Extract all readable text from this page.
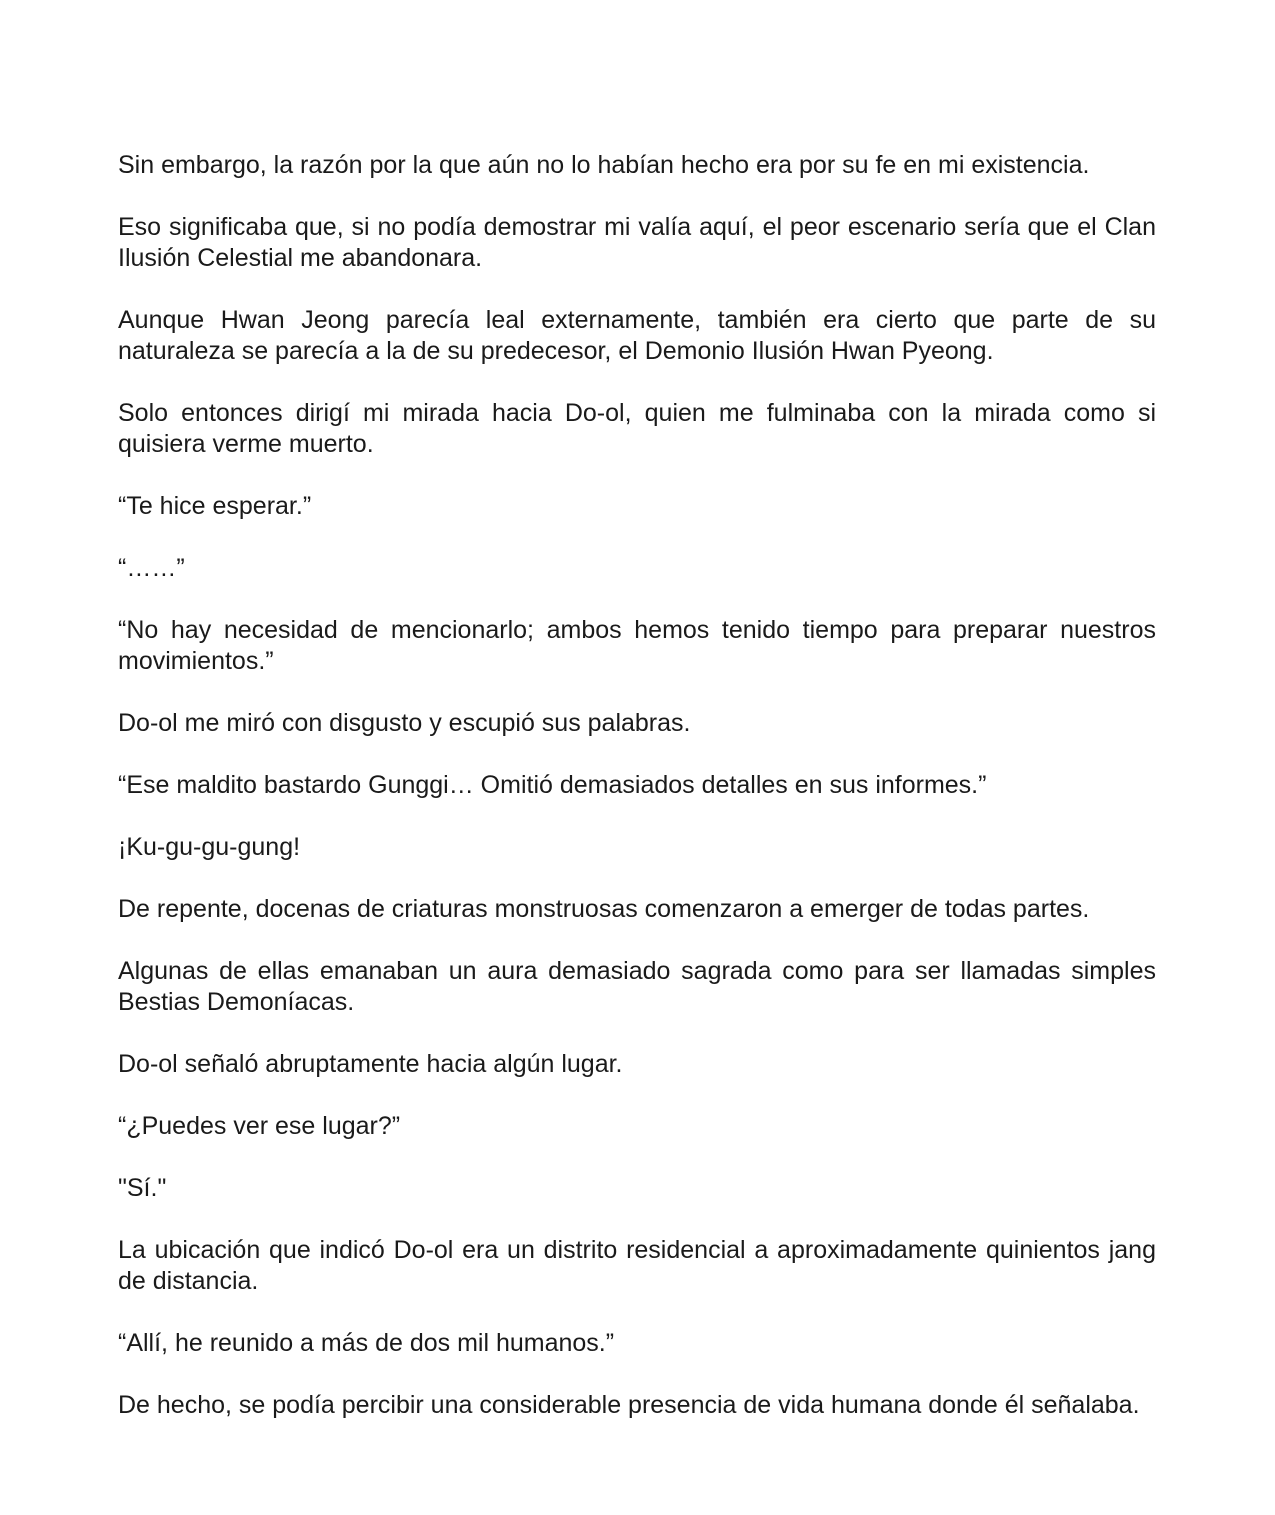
Sin embargo, la razón por la que aún no lo habían hecho era por su fe en mi existencia.

Eso significaba que, si no podía demostrar mi valía aquí, el peor escenario sería que el Clan Ilusión Celestial me abandonara.

Aunque Hwan Jeong parecía leal externamente, también era cierto que parte de su naturaleza se parecía a la de su predecesor, el Demonio Ilusión Hwan Pyeong.

Solo entonces dirigí mi mirada hacia Do-ol, quien me fulminaba con la mirada como si quisiera verme muerto.

“Te hice esperar.”

“……”

“No hay necesidad de mencionarlo; ambos hemos tenido tiempo para preparar nuestros movimientos.”

Do-ol me miró con disgusto y escupió sus palabras.

“Ese maldito bastardo Gunggi… Omitió demasiados detalles en sus informes.”

¡Ku-gu-gu-gung!

De repente, docenas de criaturas monstruosas comenzaron a emerger de todas partes.

Algunas de ellas emanaban un aura demasiado sagrada como para ser llamadas simples Bestias Demoníacas.

Do-ol señaló abruptamente hacia algún lugar.

“¿Puedes ver ese lugar?”

"Sí."

La ubicación que indicó Do-ol era un distrito residencial a aproximadamente quinientos jang de distancia.

“Allí, he reunido a más de dos mil humanos.”

De hecho, se podía percibir una considerable presencia de vida humana donde él señalaba.
